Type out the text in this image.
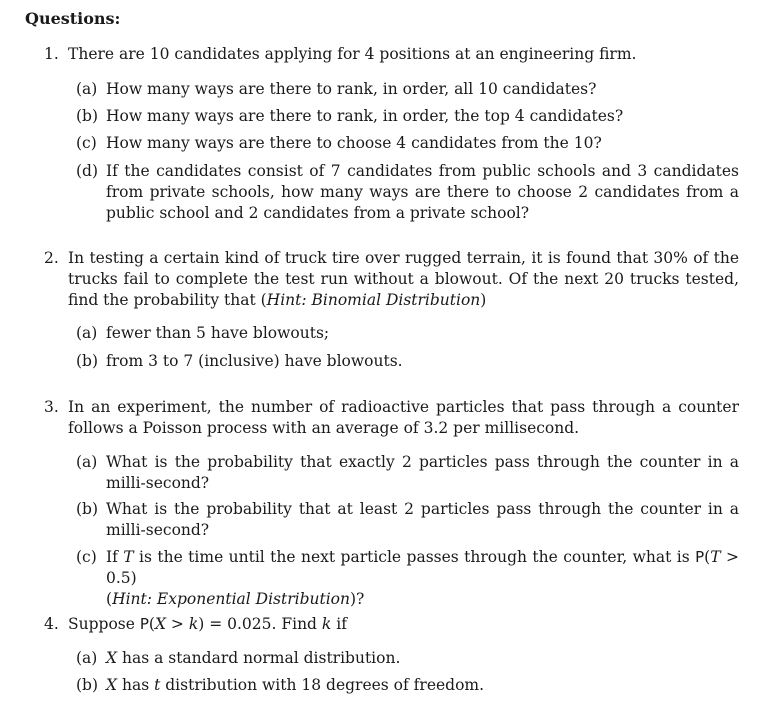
Questions:
1. There are 10 candidates applying for 4 positions at an engineering firm.
(a) How many ways are there to rank, in order, all 10 candidates?
(b) How many ways are there to rank, in order, the top 4 candidates?
(c) How many ways are there to choose 4 candidates from the 10?
(d) If the candidates consist of 7 candidates from public schools and 3 candidates from private schools, how many ways are there to choose 2 candidates from a public school and 2 candidates from a private school?
2. In testing a certain kind of truck tire over rugged terrain, it is found that 30% of the trucks fail to complete the test run without a blowout. Of the next 20 trucks tested, find the probability that (Hint: Binomial Distribution)
(a) fewer than 5 have blowouts;
(b) from 3 to 7 (inclusive) have blowouts.
3. In an experiment, the number of radioactive particles that pass through a counter follows a Poisson process with an average of 3.2 per millisecond.
(a) What is the probability that exactly 2 particles pass through the counter in a milli-second?
(b) What is the probability that at least 2 particles pass through the counter in a milli-second?
(c) If T is the time until the next particle passes through the counter, what is P(T > 0.5)
(Hint: Exponential Distribution)?
4. Suppose P(X > k) = 0.025. Find k if
(a) X has a standard normal distribution.
(b) X has t distribution with 18 degrees of freedom.
